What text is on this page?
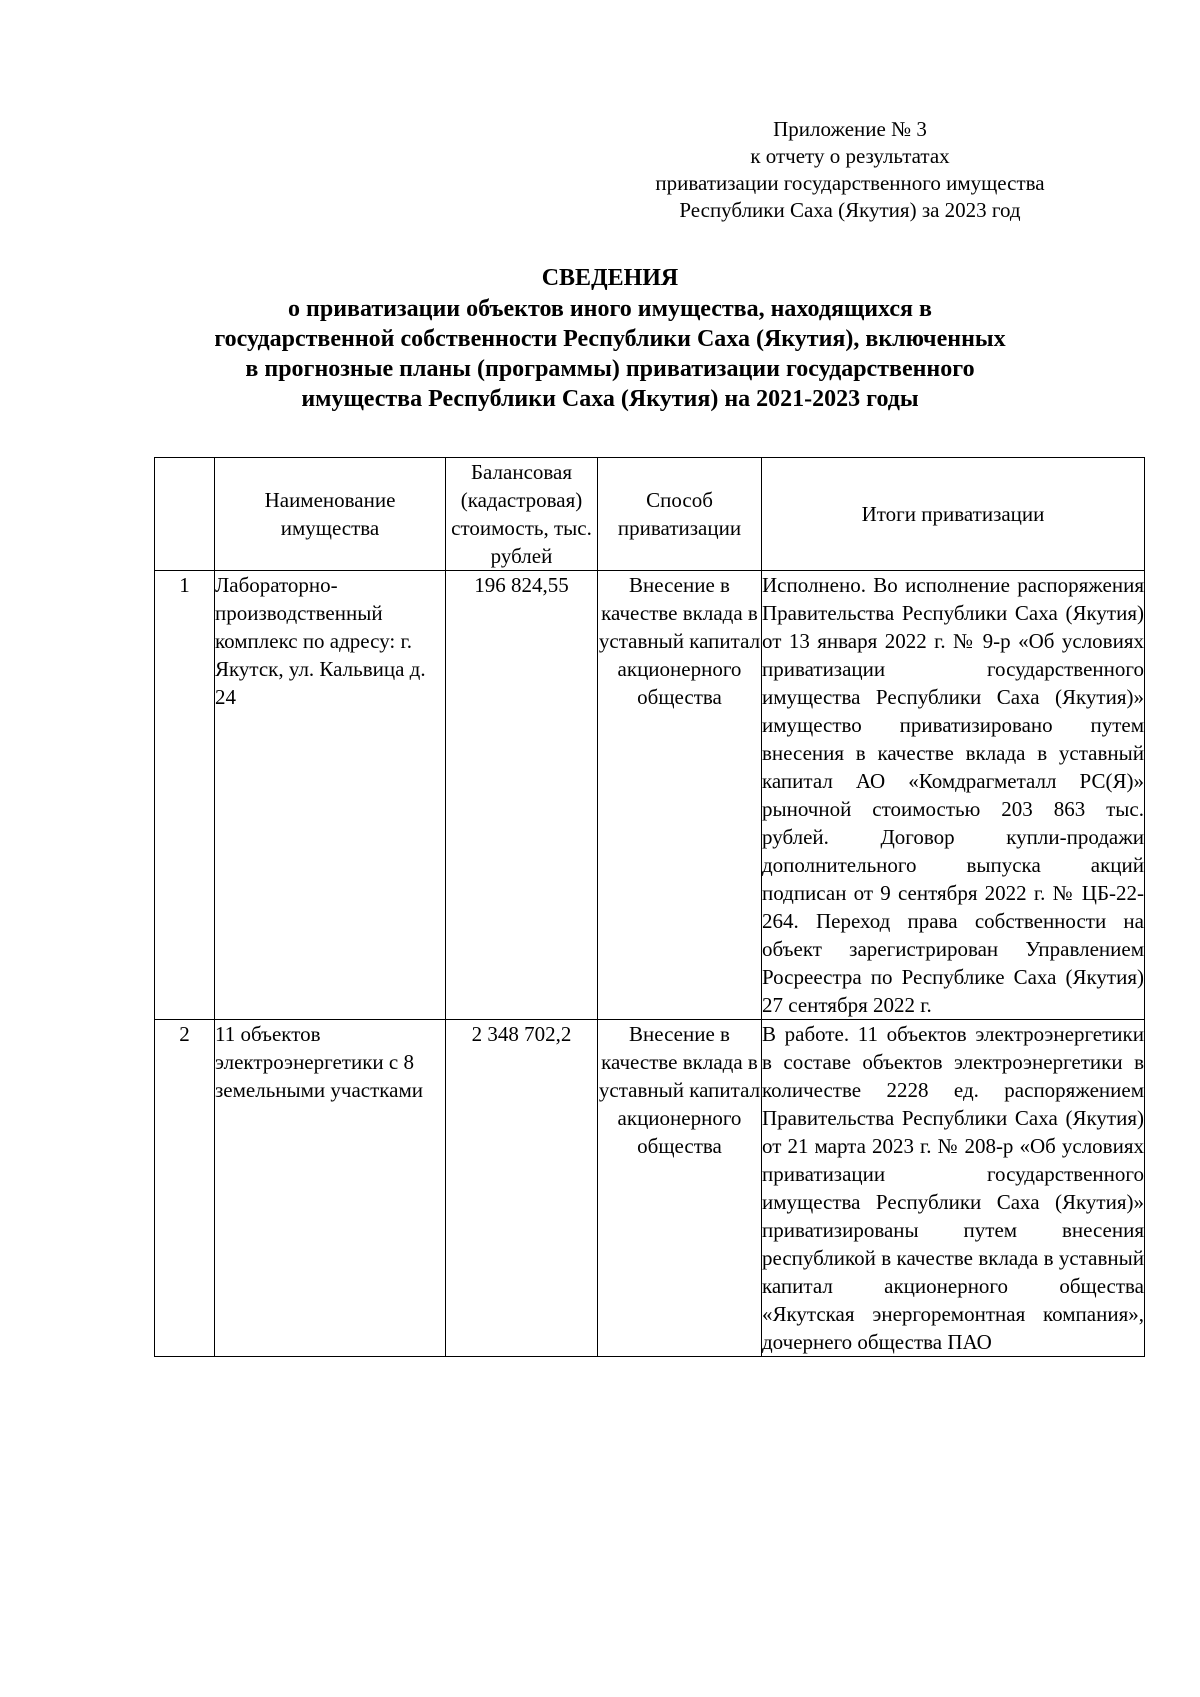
Приложение № 3
к отчету о результатах
приватизации государственного имущества
Республики Саха (Якутия) за 2023 год
СВЕДЕНИЯ
о приватизации объектов иного имущества, находящихся в
государственной собственности Республики Саха (Якутия), включенных
в прогнозные планы (программы) приватизации государственного
имущества Республики Саха (Якутия) на 2021-2023 годы
	Наименование имущества	Балансовая (кадастровая) стоимость, тыс. рублей	Способ приватизации	Итоги приватизации
1	Лабораторно-производственный комплекс по адресу: г. Якутск, ул. Кальвица д. 24	196 824,55	Внесение в качестве вклада в уставный капитал акционерного общества	Исполнено. Во исполнение распоряжения Правительства Республики Саха (Якутия) от 13 января 2022 г. № 9-р «Об условиях приватизации государственного имущества Республики Саха (Якутия)» имущество приватизировано путем внесения в качестве вклада в уставный капитал АО «Комдрагметалл РС(Я)» рыночной стоимостью 203 863 тыс. рублей. Договор купли-продажи дополнительного выпуска акций подписан от 9 сентября 2022 г. № ЦБ-22-264. Переход права собственности на объект зарегистрирован Управлением Росреестра по Республике Саха (Якутия) 27 сентября 2022 г.
2	11 объектов электроэнергетики с 8 земельными участками	2 348 702,2	Внесение в качестве вклада в уставный капитал акционерного общества	В работе. 11 объектов электроэнергетики в составе объектов электроэнергетики в количестве 2228 ед. распоряжением Правительства Республики Саха (Якутия) от 21 марта 2023 г. № 208-р «Об условиях приватизации государственного имущества Республики Саха (Якутия)» приватизированы путем внесения республикой в качестве вклада в уставный капитал акционерного общества «Якутская энергоремонтная компания», дочернего общества ПАО
